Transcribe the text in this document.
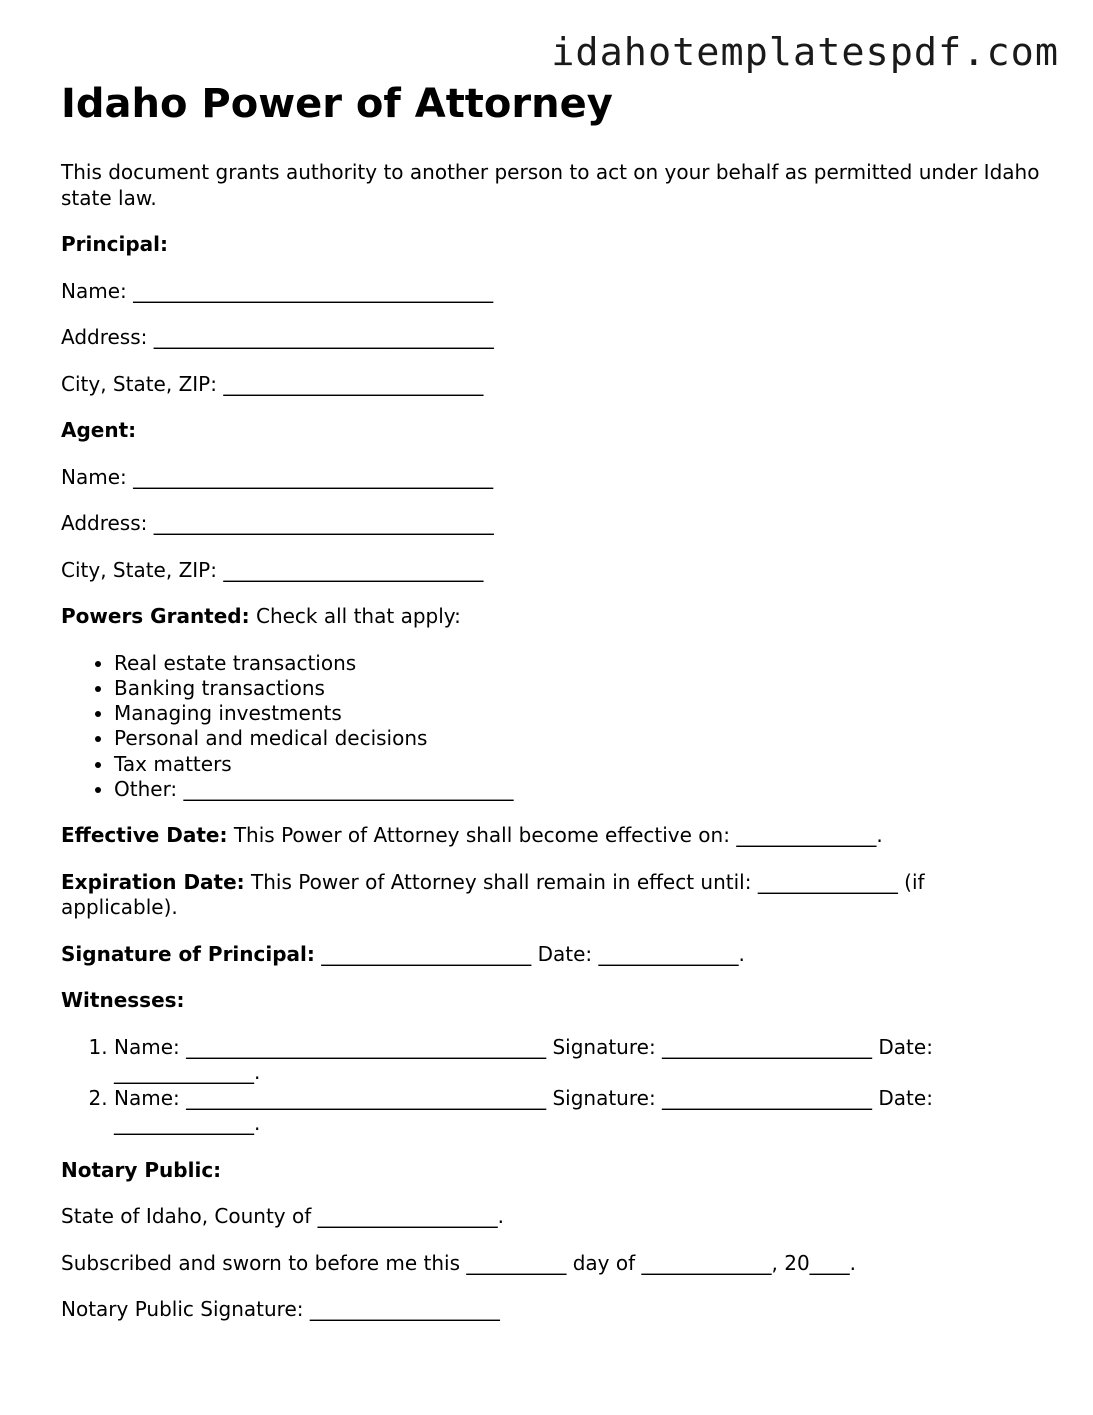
idahotemplatespdf.com
Idaho Power of Attorney

This document grants authority to another person to act on your behalf as permitted under Idaho state law.

Principal:

Name: ____________________________________

Address: __________________________________

City, State, ZIP: __________________________

Agent:

Name: ____________________________________

Address: __________________________________

City, State, ZIP: __________________________

Powers Granted: Check all that apply:

• Real estate transactions
• Banking transactions
• Managing investments
• Personal and medical decisions
• Tax matters
• Other: _________________________________

Effective Date: This Power of Attorney shall become effective on: ______________.

Expiration Date: This Power of Attorney shall remain in effect until: ______________ (if applicable).

Signature of Principal: _____________________ Date: ______________.

Witnesses:

1. Name: ____________________________________ Signature: _____________________ Date: ______________.
2. Name: ____________________________________ Signature: _____________________ Date: ______________.

Notary Public:

State of Idaho, County of __________________.

Subscribed and sworn to before me this __________ day of _____________, 20____.

Notary Public Signature: ___________________
